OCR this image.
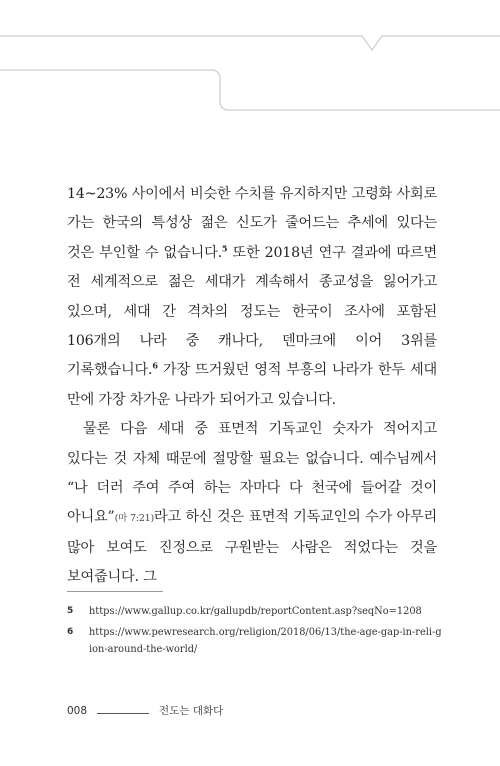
14~23% 사이에서 비슷한 수치를 유지하지만 고령화 사회로 가는 한국의 특성상 젊은 신도가 줄어드는 추세에 있다는 것은 부인할 수 없습니다.$^5$ 또한 2018년 연구 결과에 따르면 전 세계적으로 젊은 세대가 계속해서 종교성을 잃어가고 있으며, 세대 간 격차의 정도는 한국이 조사에 포함된 106개의 나라 중 캐나다, 덴마크에 이어 3위를 기록했습니다.$^6$ 가장 뜨거웠던 영적 부흥의 나라가 한두 세대 만에 가장 차가운 나라가 되어가고 있습니다.

물론 다음 세대 중 표면적 기독교인 숫자가 적어지고 있다는 것 자체 때문에 절망할 필요는 없습니다. 예수님께서 “나 더러 주여 주여 하는 자마다 다 천국에 들어갈 것이 아니요”(마 7:21)라고 하신 것은 표면적 기독교인의 수가 아무리 많아 보여도 진정으로 구원받는 사람은 적었다는 것을 보여줍니다. 그

5 https://www.gallup.co.kr/gallupdb/reportContent.asp?seqNo=1208
6 https://www.pewresearch.org/religion/2018/06/13/the-age-gap-in-reli-gion-around-the-world/
008	전도는 대화다
